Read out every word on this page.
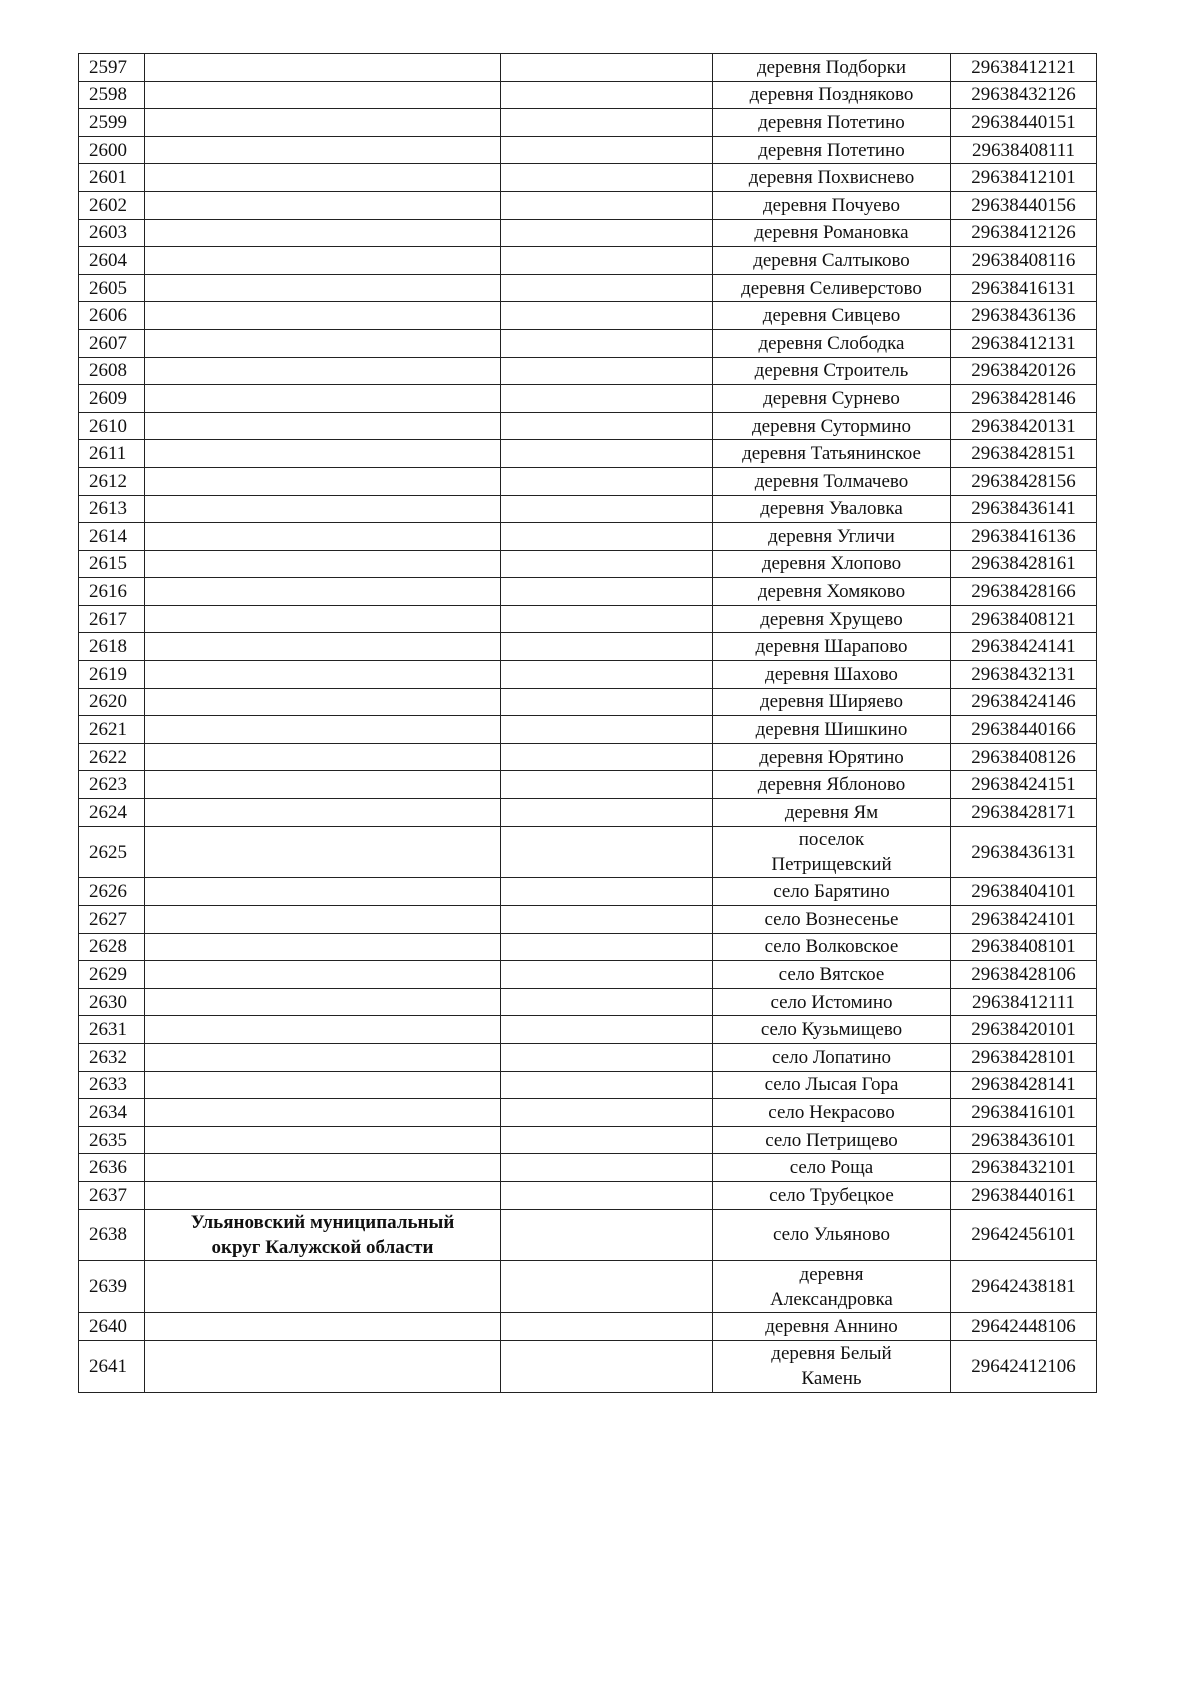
2597			деревня Подборки	29638412121
2598			деревня Поздняково	29638432126
2599			деревня Потетино	29638440151
2600			деревня Потетино	29638408111
2601			деревня Похвиснево	29638412101
2602			деревня Почуево	29638440156
2603			деревня Романовка	29638412126
2604			деревня Салтыково	29638408116
2605			деревня Селиверстово	29638416131
2606			деревня Сивцево	29638436136
2607			деревня Слободка	29638412131
2608			деревня Строитель	29638420126
2609			деревня Сурнево	29638428146
2610			деревня Сутормино	29638420131
2611			деревня Татьянинское	29638428151
2612			деревня Толмачево	29638428156
2613			деревня Уваловка	29638436141
2614			деревня Угличи	29638416136
2615			деревня Хлопово	29638428161
2616			деревня Хомяково	29638428166
2617			деревня Хрущево	29638408121
2618			деревня Шарапово	29638424141
2619			деревня Шахово	29638432131
2620			деревня Ширяево	29638424146
2621			деревня Шишкино	29638440166
2622			деревня Юрятино	29638408126
2623			деревня Яблоново	29638424151
2624			деревня Ям	29638428171
2625			поселок Петрищевский	29638436131
2626			село Барятино	29638404101
2627			село Вознесенье	29638424101
2628			село Волковское	29638408101
2629			село Вятское	29638428106
2630			село Истомино	29638412111
2631			село Кузьмищево	29638420101
2632			село Лопатино	29638428101
2633			село Лысая Гора	29638428141
2634			село Некрасово	29638416101
2635			село Петрищево	29638436101
2636			село Роща	29638432101
2637			село Трубецкое	29638440161
2638	Ульяновский муниципальный округ Калужской области		село Ульяново	29642456101
2639			деревня Александровка	29642438181
2640			деревня Аннино	29642448106
2641			деревня Белый Камень	29642412106
